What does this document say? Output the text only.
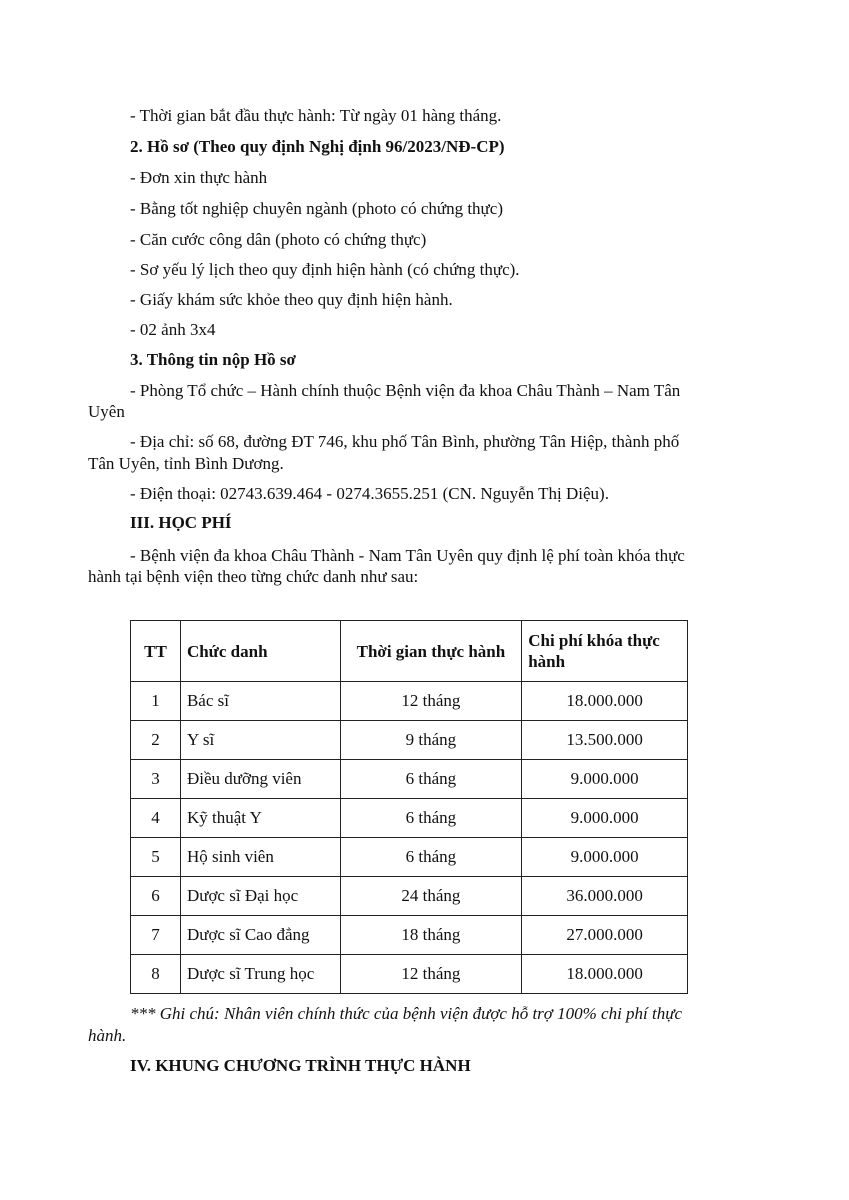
- Thời gian bắt đầu thực hành: Từ ngày 01 hàng tháng.
2. Hồ sơ (Theo quy định Nghị định 96/2023/NĐ-CP)
- Đơn xin thực hành
- Bằng tốt nghiệp chuyên ngành (photo có chứng thực)
- Căn cước công dân (photo có chứng thực)
- Sơ yếu lý lịch theo quy định hiện hành (có chứng thực).
- Giấy khám sức khỏe theo quy định hiện hành.
- 02 ảnh 3x4
3. Thông tin nộp Hồ sơ
- Phòng Tổ chức – Hành chính thuộc Bệnh viện đa khoa Châu Thành – Nam Tân
Uyên
- Địa chỉ: số 68, đường ĐT 746, khu phố Tân Bình, phường Tân Hiệp, thành phố
Tân Uyên, tỉnh Bình Dương.
- Điện thoại: 02743.639.464 - 0274.3655.251 (CN. Nguyễn Thị Diệu).
III. HỌC PHÍ
- Bệnh viện đa khoa Châu Thành - Nam Tân Uyên quy định lệ phí toàn khóa thực
hành tại bệnh viện theo từng chức danh như sau:
TT	Chức danh	Thời gian thực hành	Chi phí khóa thực hành
1	Bác sĩ	12 tháng	18.000.000
2	Y sĩ	9 tháng	13.500.000
3	Điều dưỡng viên	6 tháng	9.000.000
4	Kỹ thuật Y	6 tháng	9.000.000
5	Hộ sinh viên	6 tháng	9.000.000
6	Dược sĩ Đại học	24 tháng	36.000.000
7	Dược sĩ Cao đẳng	18 tháng	27.000.000
8	Dược sĩ Trung học	12 tháng	18.000.000
*** Ghi chú: Nhân viên chính thức của bệnh viện được hỗ trợ 100% chi phí thực
hành.
IV. KHUNG CHƯƠNG TRÌNH THỰC HÀNH
